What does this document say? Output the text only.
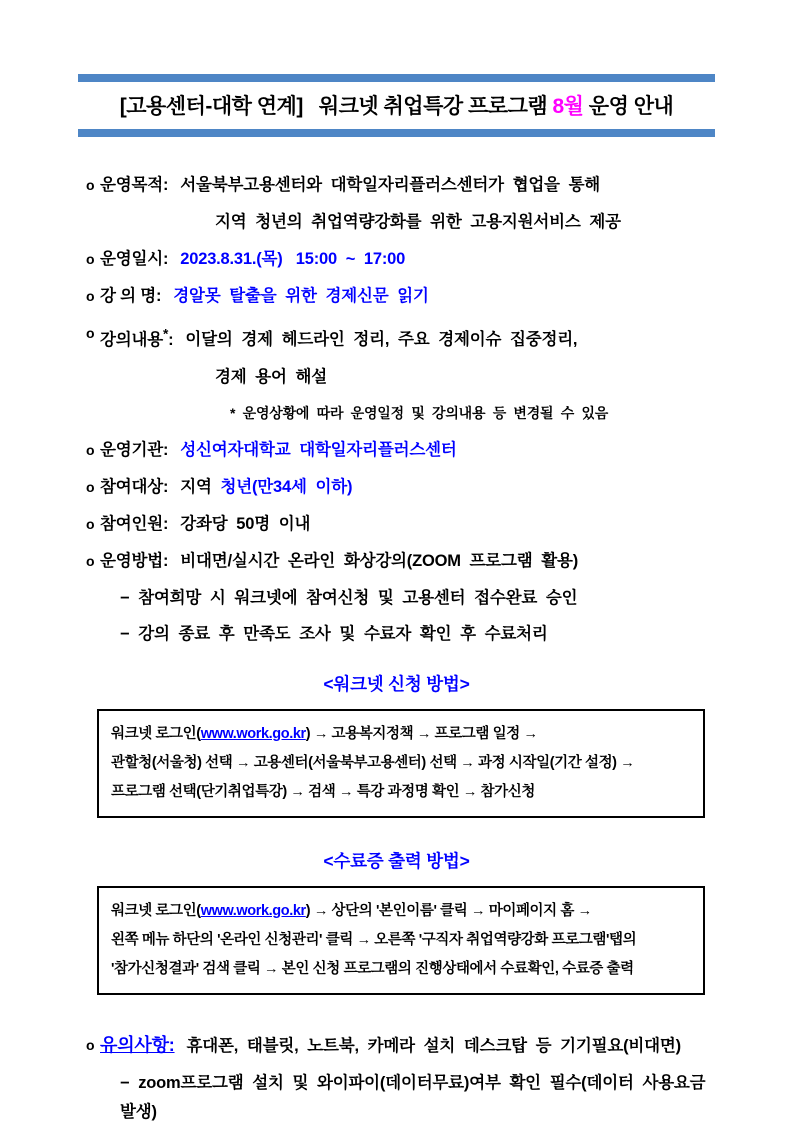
[고용센터-대학 연계] 워크넷 취업특강 프로그램 8월 운영 안내
o 운영목적: 서울북부고용센터와  대학일자리플러스센터가  협업을  통해
지역  청년의  취업역량강화를  위한  고용지원서비스  제공
o 운영일시: 2023.8.31.(목)   15:00  ~  17:00
o 강 의 명: 경알못  탈출을  위한  경제신문  읽기
o 강의내용*: 이달의  경제  헤드라인  정리,  주요  경제이슈  집중정리,
경제  용어  해설
*  운영상황에  따라  운영일정  및  강의내용  등  변경될  수  있음
o 운영기관: 성신여자대학교  대학일자리플러스센터
o 참여대상: 지역  청년(만34세  이하)
o 참여인원: 강좌당  50명  이내
o 운영방법: 비대면/실시간  온라인  화상강의(ZOOM  프로그램  활용)
−  참여희망  시  워크넷에  참여신청  및  고용센터  접수완료  승인
−  강의  종료  후  만족도  조사  및  수료자  확인  후  수료처리
<워크넷 신청 방법>
워크넷 로그인(www.work.go.kr) → 고용복지정책 → 프로그램 일정 →
관할청(서울청) 선택 → 고용센터(서울북부고용센터) 선택 → 과정 시작일(기간 설정) →
프로그램 선택(단기취업특강) → 검색 → 특강 과정명 확인 → 참가신청
<수료증 출력 방법>
워크넷 로그인(www.work.go.kr) → 상단의 '본인이름' 클릭 → 마이페이지 홈 →
왼쪽 메뉴 하단의 '온라인 신청관리' 클릭 → 오른쪽 '구직자 취업역량강화 프로그램'탭의
'참가신청결과' 검색 클릭 → 본인 신청 프로그램의 진행상태에서 수료확인, 수료증 출력
o 유의사항: 휴대폰,  태블릿,  노트북,  카메라  설치  데스크탑  등  기기필요(비대면)
−  zoom프로그램  설치  및  와이파이(데이터무료)여부  확인  필수(데이터  사용요금  발생)
